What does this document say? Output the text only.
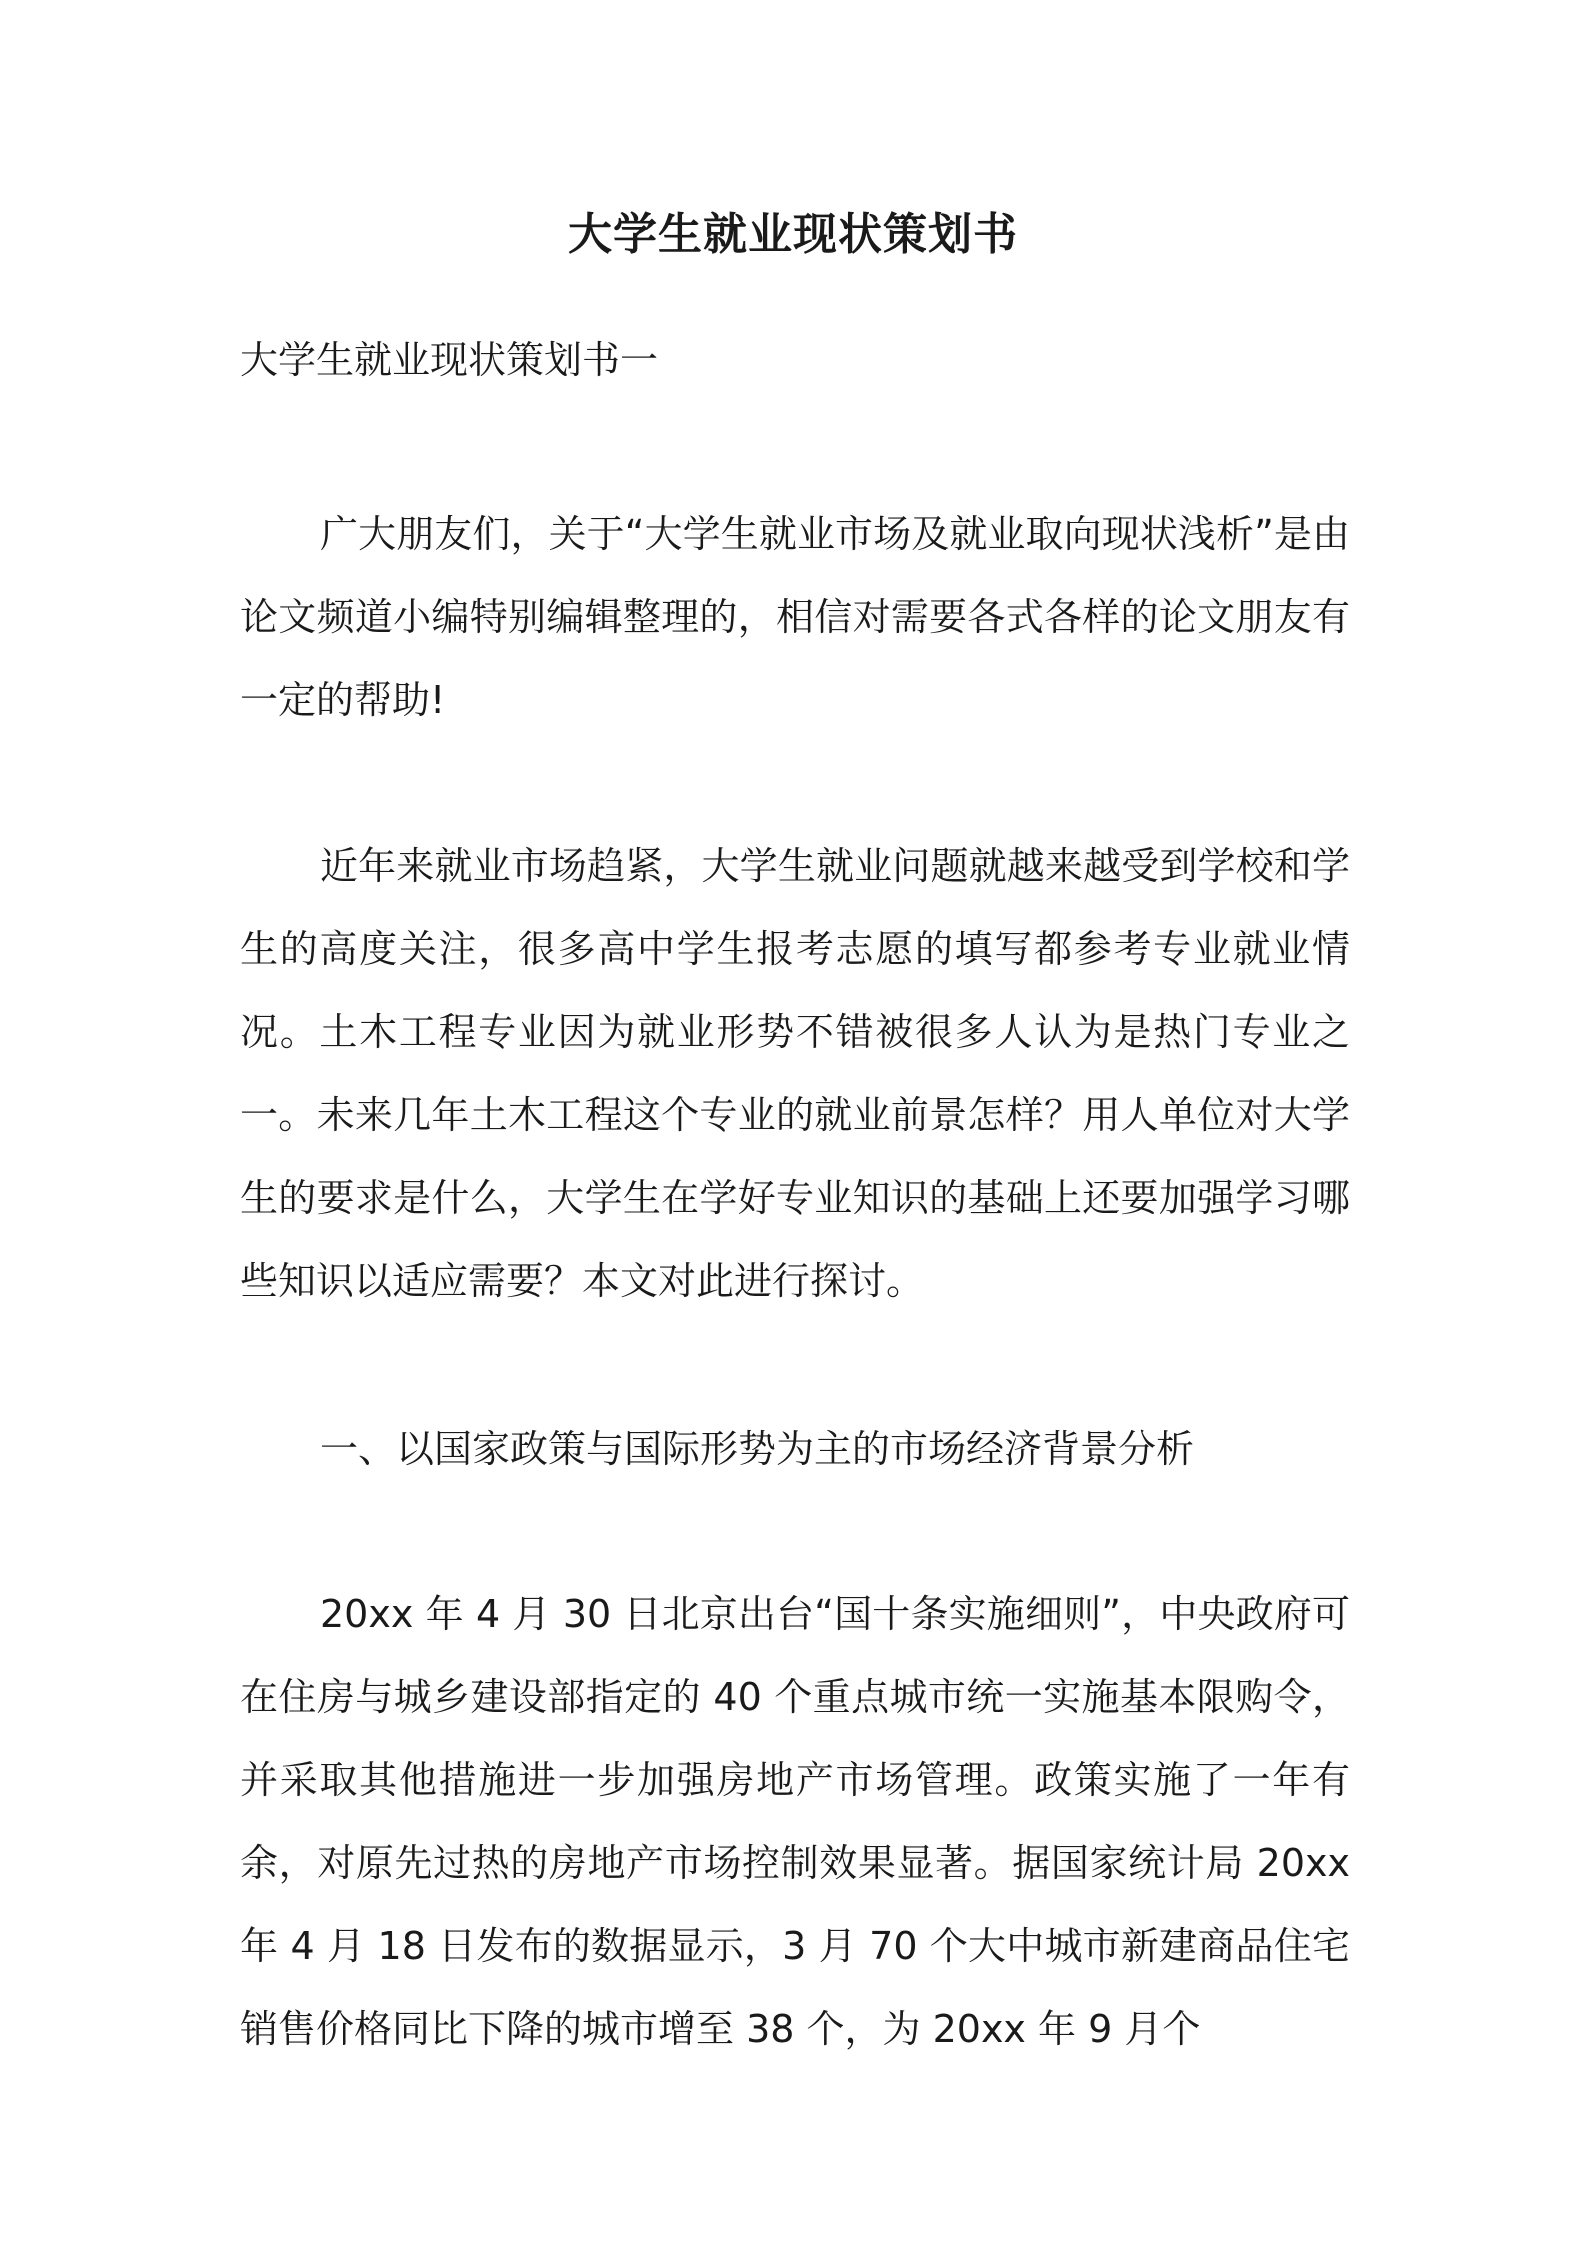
大学生就业现状策划书
大学生就业现状策划书一

广大朋友们，关于“大学生就业市场及就业取向现状浅析”是由论文频道小编特别编辑整理的，相信对需要各式各样的论文朋友有一定的帮助!

近年来就业市场趋紧，大学生就业问题就越来越受到学校和学生的高度关注，很多高中学生报考志愿的填写都参考专业就业情况。土木工程专业因为就业形势不错被很多人认为是热门专业之一。未来几年土木工程这个专业的就业前景怎样？用人单位对大学生的要求是什么，大学生在学好专业知识的基础上还要加强学习哪些知识以适应需要？本文对此进行探讨。

一、以国家政策与国际形势为主的市场经济背景分析

20xx 年 4 月 30 日北京出台“国十条实施细则”，中央政府可在住房与城乡建设部指定的 40 个重点城市统一实施基本限购令，并采取其他措施进一步加强房地产市场管理。政策实施了一年有余，对原先过热的房地产市场控制效果显著。据国家统计局 20xx 年 4 月 18 日发布的数据显示，3 月 70 个大中城市新建商品住宅销售价格同比下降的城市增至 38 个，为 20xx 年 9 月个
